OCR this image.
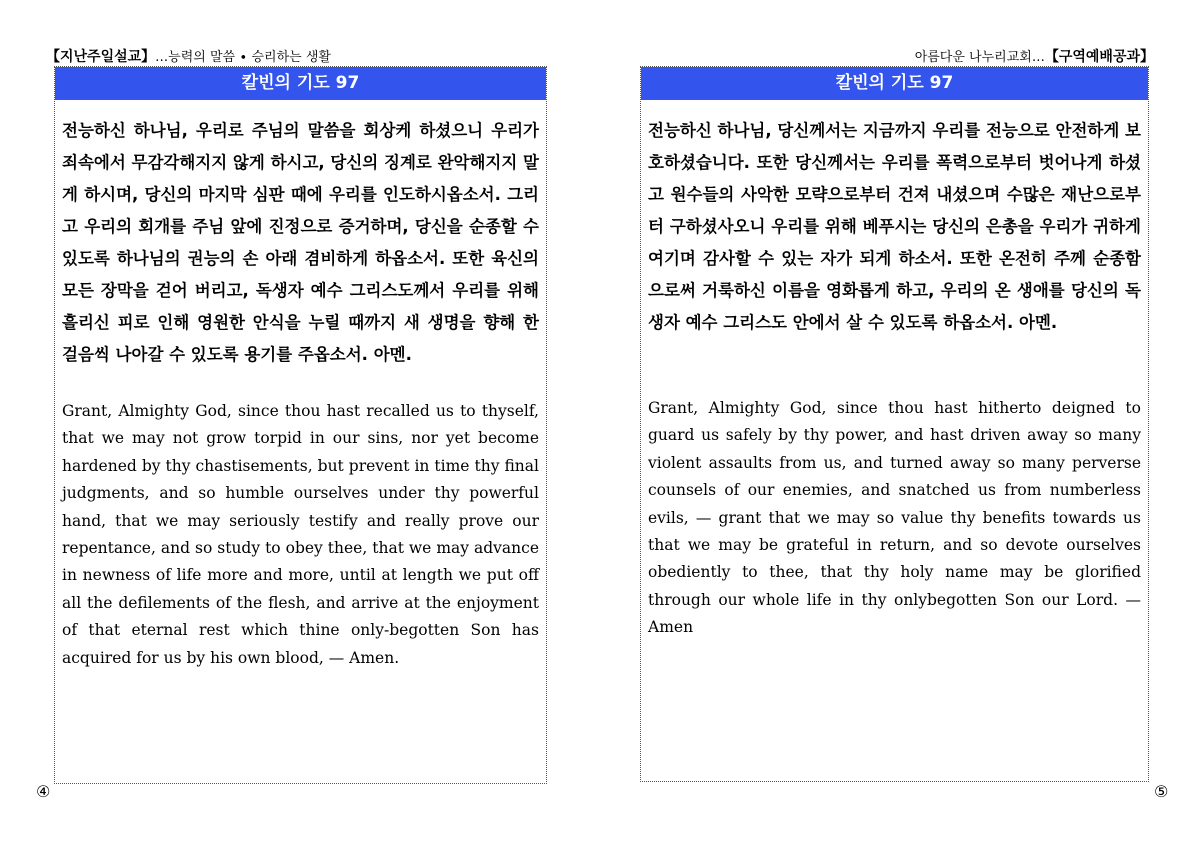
【지난주일설교】…능력의 말씀 ∙ 승리하는 생활	아름다운 나누리교회…【구역예배공과】
칼빈의 기도 97

전능하신 하나님, 우리로 주님의 말씀을 회상케 하셨으니 우리가 죄속에서 무감각해지지 않게 하시고, 당신의 징계로 완악해지지 말게 하시며, 당신의 마지막 심판 때에 우리를 인도하시옵소서. 그리고 우리의 회개를 주님 앞에 진정으로 증거하며, 당신을 순종할 수 있도록 하나님의 권능의 손 아래 겸비하게 하옵소서. 또한 육신의 모든 장막을 걷어 버리고, 독생자 예수 그리스도께서 우리를 위해 흘리신 피로 인해 영원한 안식을 누릴 때까지 새 생명을 향해 한 걸음씩 나아갈 수 있도록 용기를 주옵소서. 아멘.

Grant, Almighty God, since thou hast recalled us to thyself, that we may not grow torpid in our sins, nor yet become hardened by thy chastisements, but prevent in time thy final judgments, and so humble ourselves under thy powerful hand, that we may seriously testify and really prove our repentance, and so study to obey thee, that we may advance in newness of life more and more, until at length we put off all the defilements of the flesh, and arrive at the enjoyment of that eternal rest which thine only-begotten Son has acquired for us by his own blood, — Amen.

칼빈의 기도 97

전능하신 하나님, 당신께서는 지금까지 우리를 전능으로 안전하게 보호하셨습니다. 또한 당신께서는 우리를 폭력으로부터 벗어나게 하셨고 원수들의 사악한 모략으로부터 건져 내셨으며 수많은 재난으로부터 구하셨사오니 우리를 위해 베푸시는 당신의 은총을 우리가 귀하게 여기며 감사할 수 있는 자가 되게 하소서. 또한 온전히 주께 순종함으로써 거룩하신 이름을 영화롭게 하고, 우리의 온 생애를 당신의 독생자 예수 그리스도 안에서 살 수 있도록 하옵소서. 아멘.

Grant, Almighty God, since thou hast hitherto deigned to guard us safely by thy power, and hast driven away so many violent assaults from us, and turned away so many perverse counsels of our enemies, and snatched us from numberless evils, — grant that we may so value thy benefits towards us that we may be grateful in return, and so devote ourselves obediently to thee, that thy holy name may be glorified through our whole life in thy onlybegotten Son our Lord. — Amen

④	⑤
